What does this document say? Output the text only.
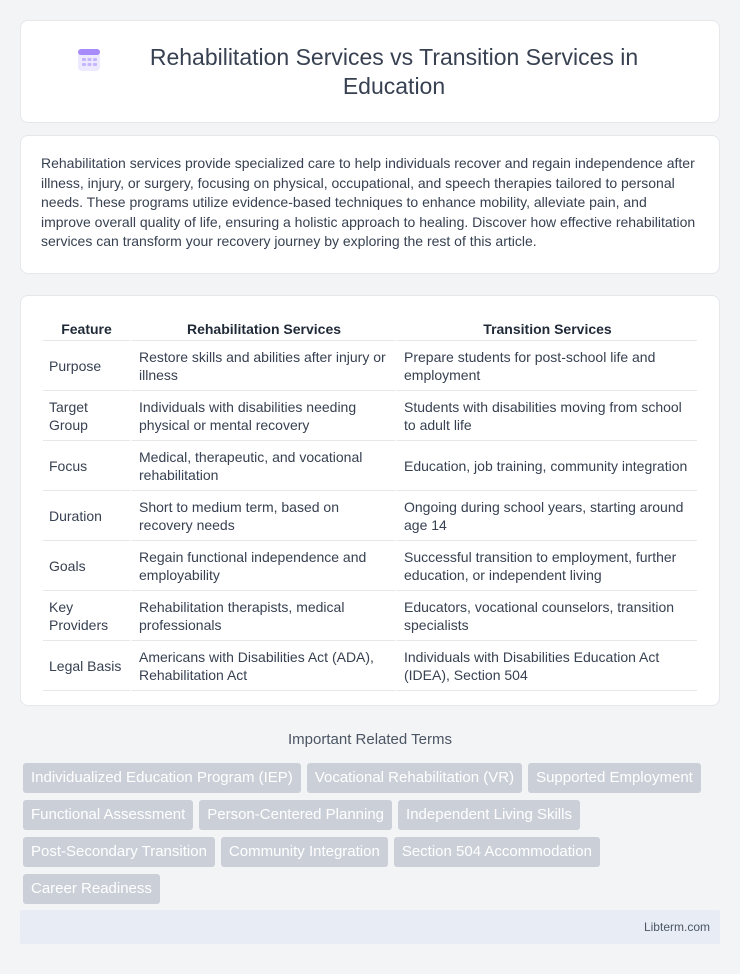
Rehabilitation Services vs Transition Services in Education

Rehabilitation services provide specialized care to help individuals recover and regain independence after illness, injury, or surgery, focusing on physical, occupational, and speech therapies tailored to personal needs. These programs utilize evidence-based techniques to enhance mobility, alleviate pain, and improve overall quality of life, ensuring a holistic approach to healing. Discover how effective rehabilitation services can transform your recovery journey by exploring the rest of this article.

Feature	Rehabilitation Services	Transition Services
Purpose	Restore skills and abilities after injury or illness	Prepare students for post-school life and employment
Target Group	Individuals with disabilities needing physical or mental recovery	Students with disabilities moving from school to adult life
Focus	Medical, therapeutic, and vocational rehabilitation	Education, job training, community integration
Duration	Short to medium term, based on recovery needs	Ongoing during school years, starting around age 14
Goals	Regain functional independence and employability	Successful transition to employment, further education, or independent living
Key Providers	Rehabilitation therapists, medical professionals	Educators, vocational counselors, transition specialists
Legal Basis	Americans with Disabilities Act (ADA), Rehabilitation Act	Individuals with Disabilities Education Act (IDEA), Section 504
Important Related Terms
Individualized Education Program (IEP)	Vocational Rehabilitation (VR)	Supported Employment
Functional Assessment	Person-Centered Planning	Independent Living Skills
Post-Secondary Transition	Community Integration	Section 504 Accommodation
Career Readiness
Libterm.com
